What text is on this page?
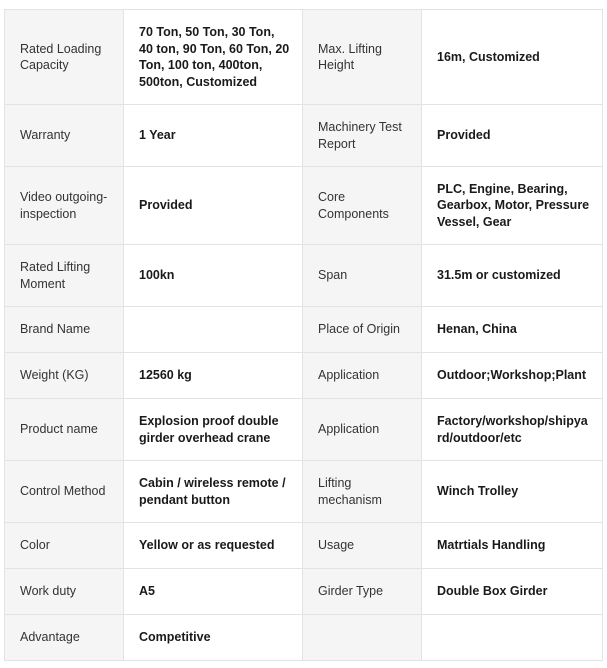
Rated Loading Capacity	70 Ton, 50 Ton, 30 Ton, 40 ton, 90 Ton, 60 Ton, 20 Ton, 100 ton, 400ton, 500ton, Customized	Max. Lifting Height	16m, Customized
Warranty	1 Year	Machinery Test Report	Provided
Video outgoing-inspection	Provided	Core Components	PLC, Engine, Bearing, Gearbox, Motor, Pressure Vessel, Gear
Rated Lifting Moment	100kn	Span	31.5m or customized
Brand Name		Place of Origin	Henan, China
Weight (KG)	12560 kg	Application	Outdoor;Workshop;Plant
Product name	Explosion proof double girder overhead crane	Application	Factory/workshop/shipyard/outdoor/etc
Control Method	Cabin / wireless remote / pendant button	Lifting mechanism	Winch Trolley
Color	Yellow or as requested	Usage	Matrtials Handling
Work duty	A5	Girder Type	Double Box Girder
Advantage	Competitive		
